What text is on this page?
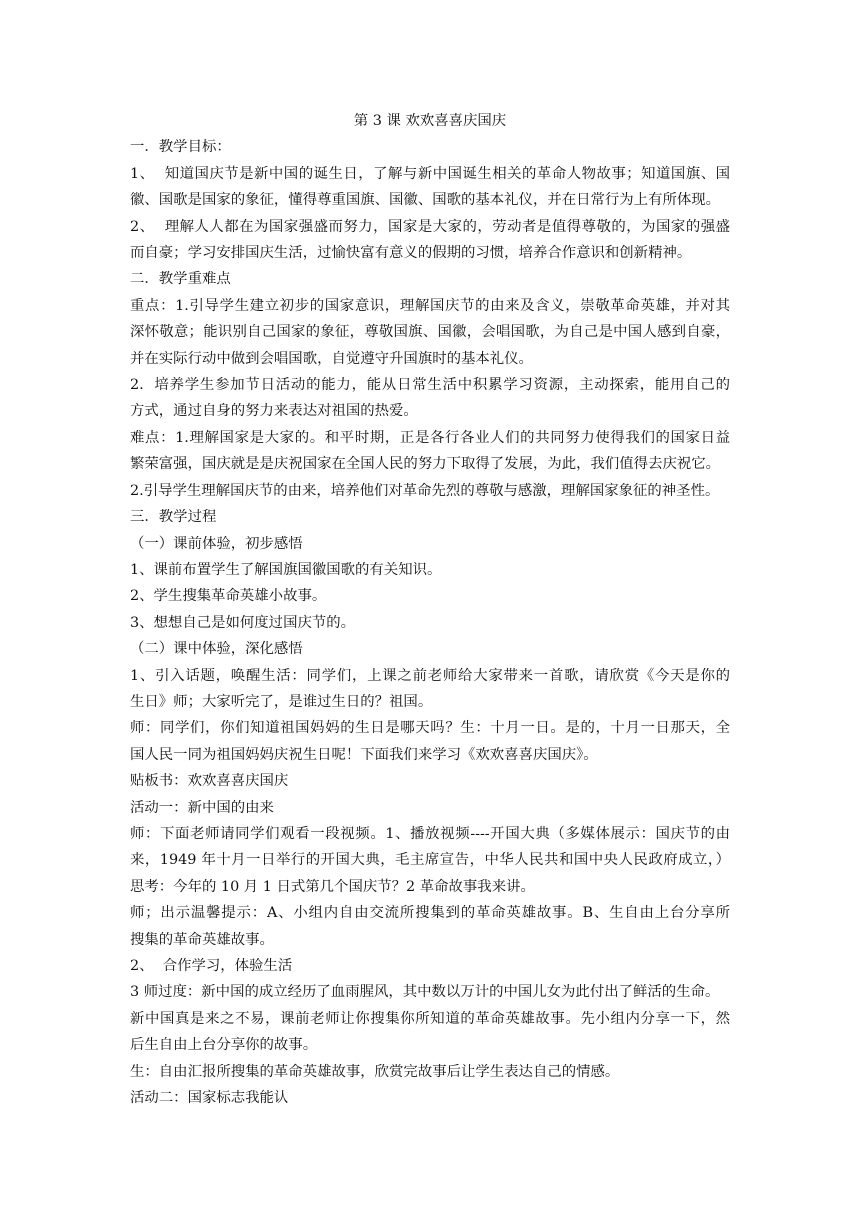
第 3 课 欢欢喜喜庆国庆
一．教学目标：
1、  知道国庆节是新中国的诞生日，了解与新中国诞生相关的革命人物故事；知道国旗、国
徽、国歌是国家的象征，懂得尊重国旗、国徽、国歌的基本礼仪，并在日常行为上有所体现。
2、  理解人人都在为国家强盛而努力，国家是大家的，劳动者是值得尊敬的，为国家的强盛
而自豪；学习安排国庆生活，过愉快富有意义的假期的习惯，培养合作意识和创新精神。
二．教学重难点
重点：1.引导学生建立初步的国家意识，理解国庆节的由来及含义，崇敬革命英雄，并对其
深怀敬意；能识别自己国家的象征，尊敬国旗、国徽，会唱国歌，为自己是中国人感到自豪，
并在实际行动中做到会唱国歌，自觉遵守升国旗时的基本礼仪。
2.  培养学生参加节日活动的能力，能从日常生活中积累学习资源，主动探索，能用自己的
方式，通过自身的努力来表达对祖国的热爱。
难点：1.理解国家是大家的。和平时期，正是各行各业人们的共同努力使得我们的国家日益
繁荣富强，国庆就是是庆祝国家在全国人民的努力下取得了发展，为此，我们值得去庆祝它。
2.引导学生理解国庆节的由来，培养他们对革命先烈的尊敬与感激，理解国家象征的神圣性。
三．教学过程
（一）课前体验，初步感悟
1、课前布置学生了解国旗国徽国歌的有关知识。
2、学生搜集革命英雄小故事。
3、想想自己是如何度过国庆节的。
（二）课中体验，深化感悟
1、引入话题，唤醒生活：同学们，上课之前老师给大家带来一首歌，请欣赏《今天是你的
生日》师；大家听完了，是谁过生日的？祖国。
师：同学们，你们知道祖国妈妈的生日是哪天吗？生：十月一日。是的，十月一日那天，全
国人民一同为祖国妈妈庆祝生日呢！下面我们来学习《欢欢喜喜庆国庆》。
贴板书：欢欢喜喜庆国庆
活动一：新中国的由来
师：下面老师请同学们观看一段视频。1、播放视频----开国大典（多媒体展示：国庆节的由
来，1949 年十月一日举行的开国大典，毛主席宣告，中华人民共和国中央人民政府成立，）
思考：今年的 10 月 1 日式第几个国庆节？2 革命故事我来讲。
师；出示温馨提示：A、小组内自由交流所搜集到的革命英雄故事。B、生自由上台分享所
搜集的革命英雄故事。
2、  合作学习，体验生活
3 师过度：新中国的成立经历了血雨腥风，其中数以万计的中国儿女为此付出了鲜活的生命。
新中国真是来之不易，课前老师让你搜集你所知道的革命英雄故事。先小组内分享一下，然
后生自由上台分享你的故事。
生：自由汇报所搜集的革命英雄故事，欣赏完故事后让学生表达自己的情感。
活动二：国家标志我能认
